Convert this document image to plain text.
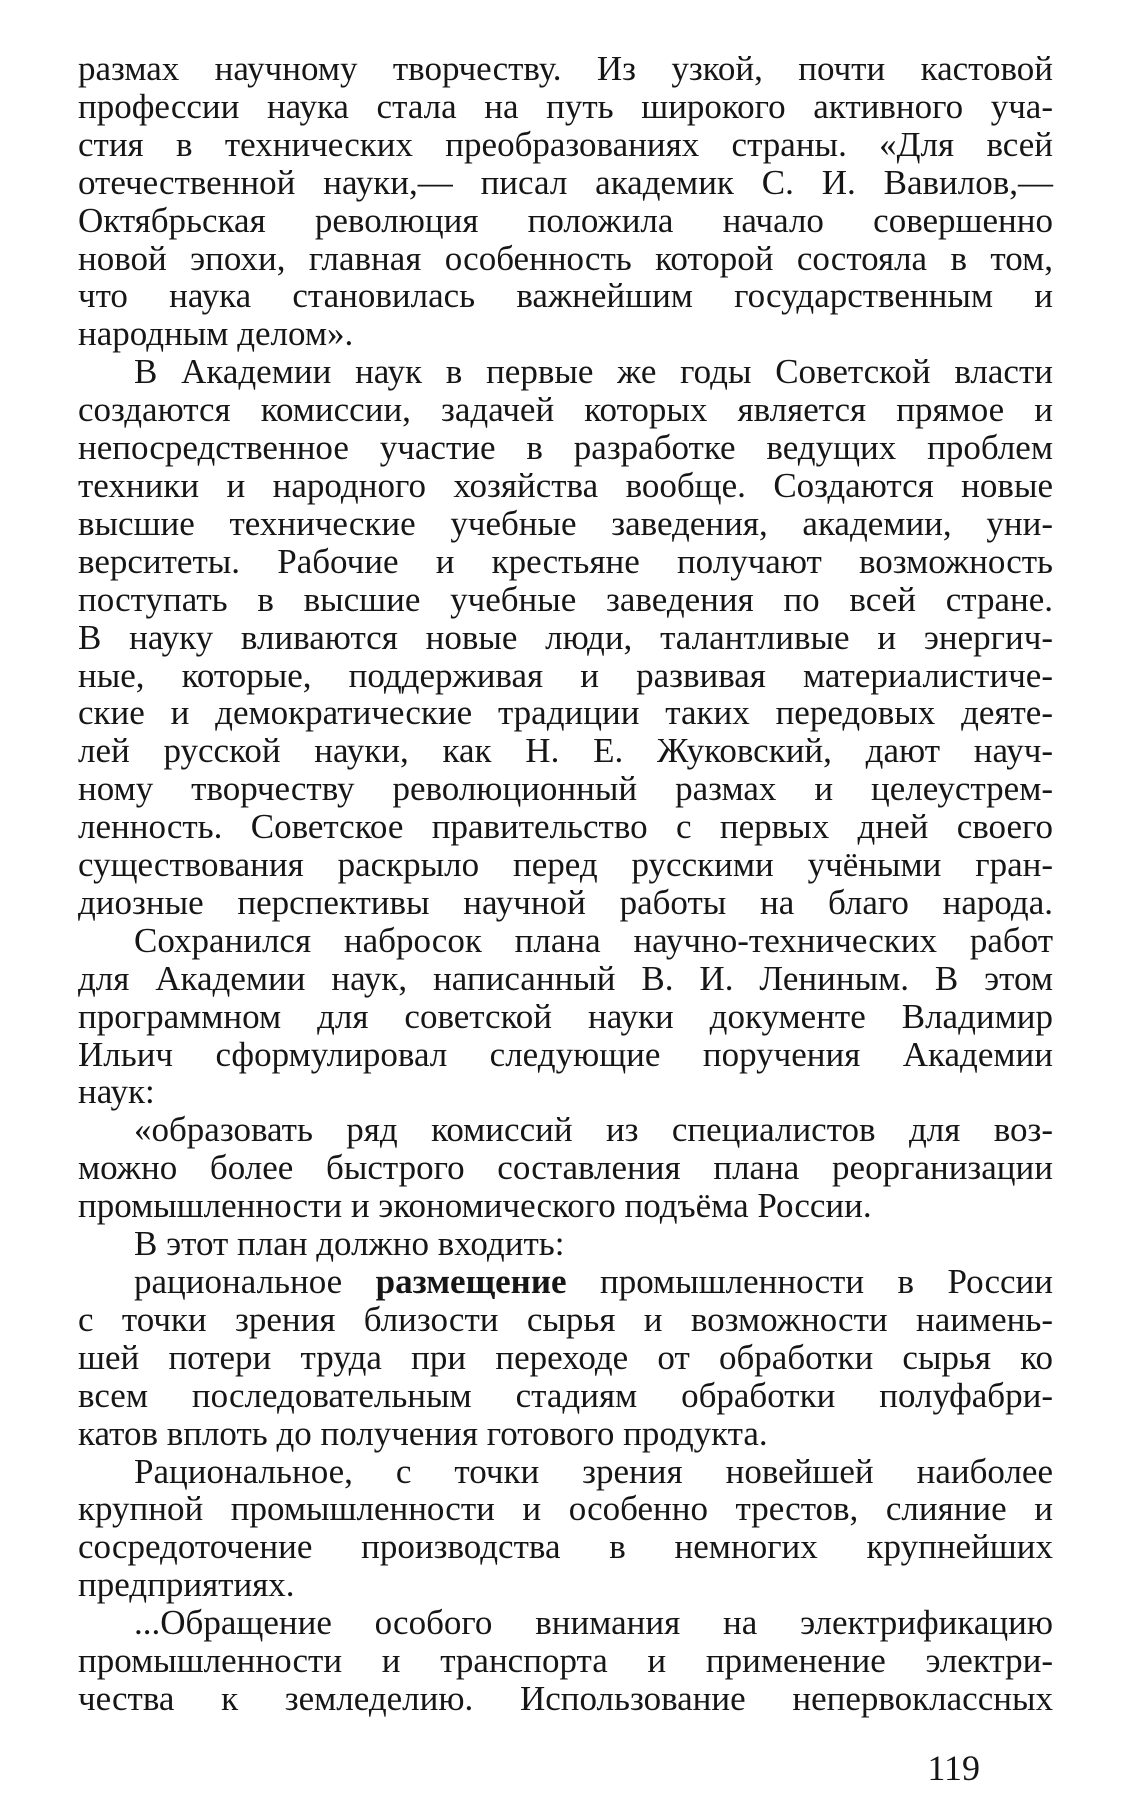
размах научному творчеству. Из узкой, почти кастовой
профессии наука стала на путь широкого активного уча-
стия в технических преобразованиях страны. «Для всей
отечественной науки,— писал академик С. И. Вавилов,—
Октябрьская революция положила начало совершенно
новой эпохи, главная особенность которой состояла в том,
что наука становилась важнейшим государственным и
народным делом».
В Академии наук в первые же годы Советской власти
создаются комиссии, задачей которых является прямое и
непосредственное участие в разработке ведущих проблем
техники и народного хозяйства вообще. Создаются новые
высшие технические учебные заведения, академии, уни-
верситеты. Рабочие и крестьяне получают возможность
поступать в высшие учебные заведения по всей стране.
В науку вливаются новые люди, талантливые и энергич-
ные, которые, поддерживая и развивая материалистиче-
ские и демократические традиции таких передовых деяте-
лей русской науки, как Н. Е. Жуковский, дают науч-
ному творчеству революционный размах и целеустрем-
ленность. Советское правительство с первых дней своего
существования раскрыло перед русскими учёными гран-
диозные перспективы научной работы на благо народа.
Сохранился набросок плана научно-технических работ
для Академии наук, написанный В. И. Лениным. В этом
программном для советской науки документе Владимир
Ильич сформулировал следующие поручения Академии
наук:
«образовать ряд комиссий из специалистов для воз-
можно более быстрого составления плана реорганизации
промышленности и экономического подъёма России.
В этот план должно входить:
рациональное размещение промышленности в России
с точки зрения близости сырья и возможности наимень-
шей потери труда при переходе от обработки сырья ко
всем последовательным стадиям обработки полуфабри-
катов вплоть до получения готового продукта.
Рациональное, с точки зрения новейшей наиболее
крупной промышленности и особенно трестов, слияние и
сосредоточение производства в немногих крупнейших
предприятиях.
...Обращение особого внимания на электрификацию
промышленности и транспорта и применение электри-
чества к земледелию. Использование непервоклассных
119
